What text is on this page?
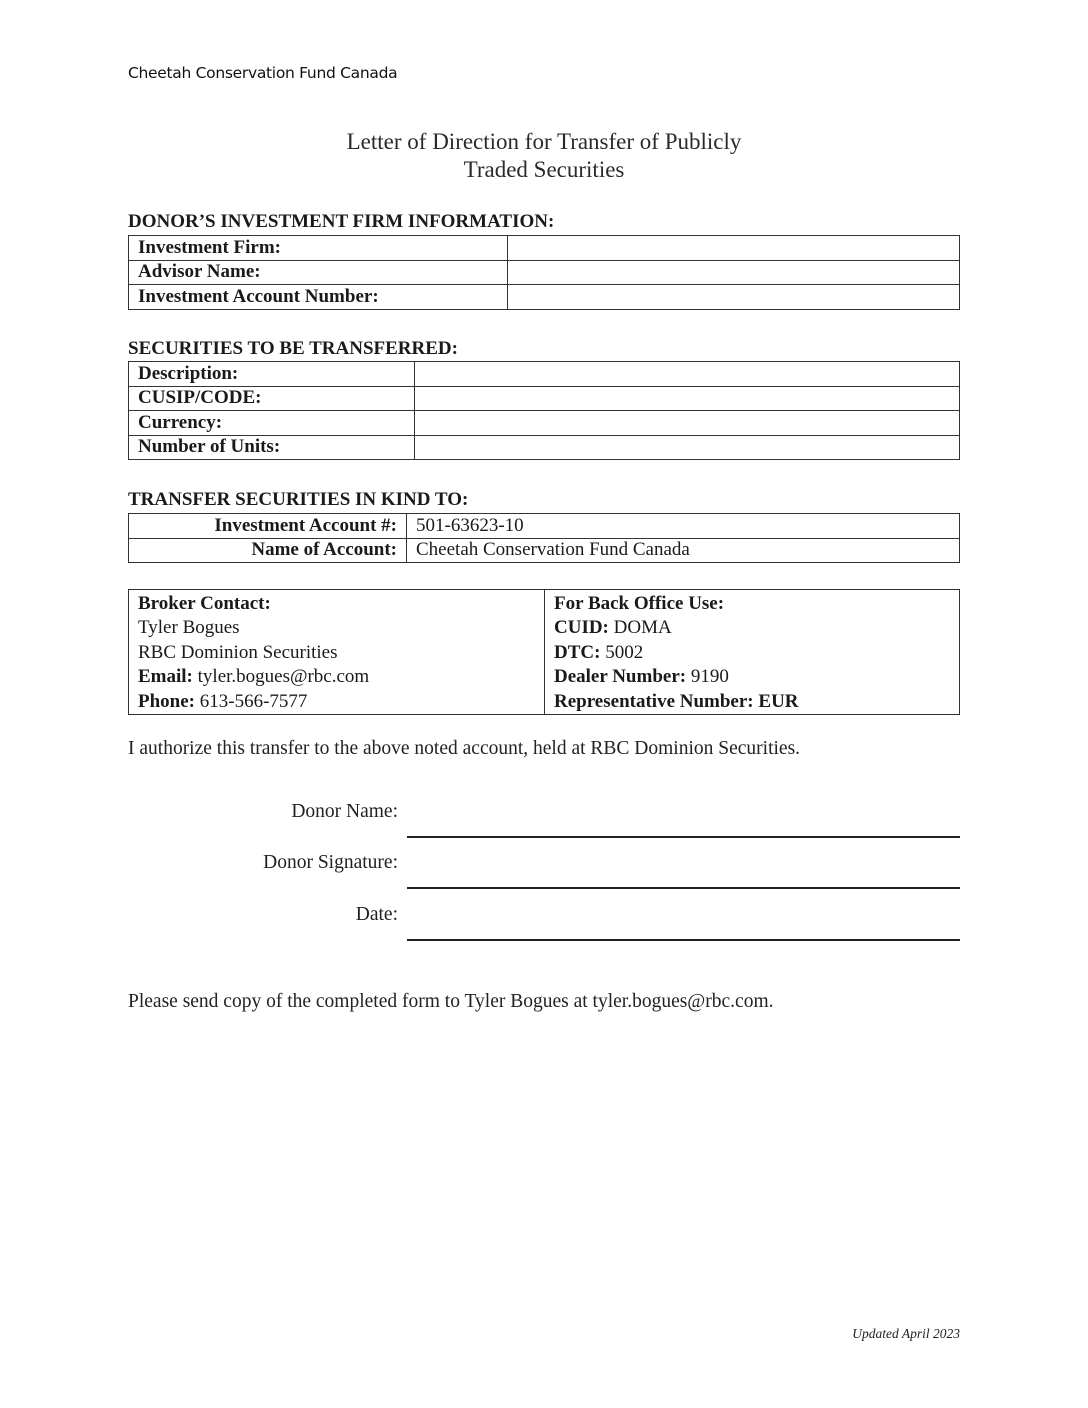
Cheetah Conservation Fund Canada
Letter of Direction for Transfer of Publicly
Traded Securities
DONOR’S INVESTMENT FIRM INFORMATION:
Investment Firm:	
Advisor Name:	
Investment Account Number:	
SECURITIES TO BE TRANSFERRED:
Description:	
CUSIP/CODE:	
Currency:	
Number of Units:	
TRANSFER SECURITIES IN KIND TO:
Investment Account #:	501-63623-10
Name of Account:	Cheetah Conservation Fund Canada
Broker Contact:
Tyler Bogues
RBC Dominion Securities
Email: tyler.bogues@rbc.com
Phone: 613-566-7577

For Back Office Use:
CUID: DOMA
DTC: 5002
Dealer Number: 9190
Representative Number: EUR
I authorize this transfer to the above noted account, held at RBC Dominion Securities.
Donor Name:
Donor Signature:
Date:
Please send copy of the completed form to Tyler Bogues at tyler.bogues@rbc.com.
Updated April 2023
